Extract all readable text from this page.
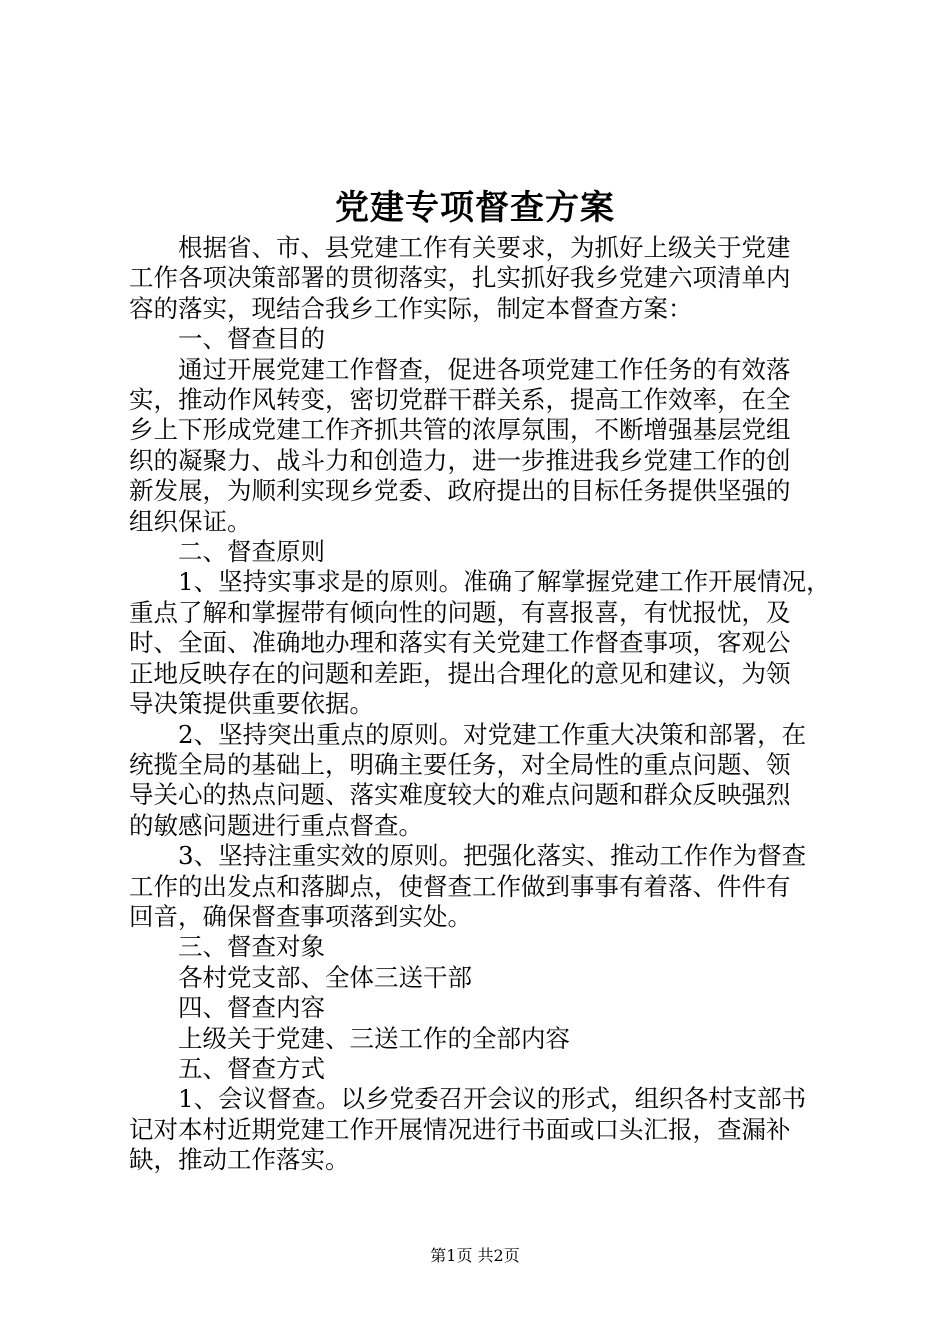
党建专项督查方案

根据省、市、县党建工作有关要求，为抓好上级关于党建
工作各项决策部署的贯彻落实，扎实抓好我乡党建六项清单内
容的落实，现结合我乡工作实际，制定本督查方案：

一、督查目的

通过开展党建工作督查，促进各项党建工作任务的有效落
实，推动作风转变，密切党群干群关系，提高工作效率，在全
乡上下形成党建工作齐抓共管的浓厚氛围，不断增强基层党组
织的凝聚力、战斗力和创造力，进一步推进我乡党建工作的创
新发展，为顺利实现乡党委、政府提出的目标任务提供坚强的
组织保证。

二、督查原则

1、坚持实事求是的原则。准确了解掌握党建工作开展情况，
重点了解和掌握带有倾向性的问题，有喜报喜，有忧报忧，及
时、全面、准确地办理和落实有关党建工作督查事项，客观公
正地反映存在的问题和差距，提出合理化的意见和建议，为领
导决策提供重要依据。

2、坚持突出重点的原则。对党建工作重大决策和部署，在
统揽全局的基础上，明确主要任务，对全局性的重点问题、领
导关心的热点问题、落实难度较大的难点问题和群众反映强烈
的敏感问题进行重点督查。

3、坚持注重实效的原则。把强化落实、推动工作作为督查
工作的出发点和落脚点，使督查工作做到事事有着落、件件有
回音，确保督查事项落到实处。

三、督查对象

各村党支部、全体三送干部

四、督查内容

上级关于党建、三送工作的全部内容

五、督查方式

1、会议督查。以乡党委召开会议的形式，组织各村支部书
记对本村近期党建工作开展情况进行书面或口头汇报，查漏补
缺，推动工作落实。

第1页 共2页
